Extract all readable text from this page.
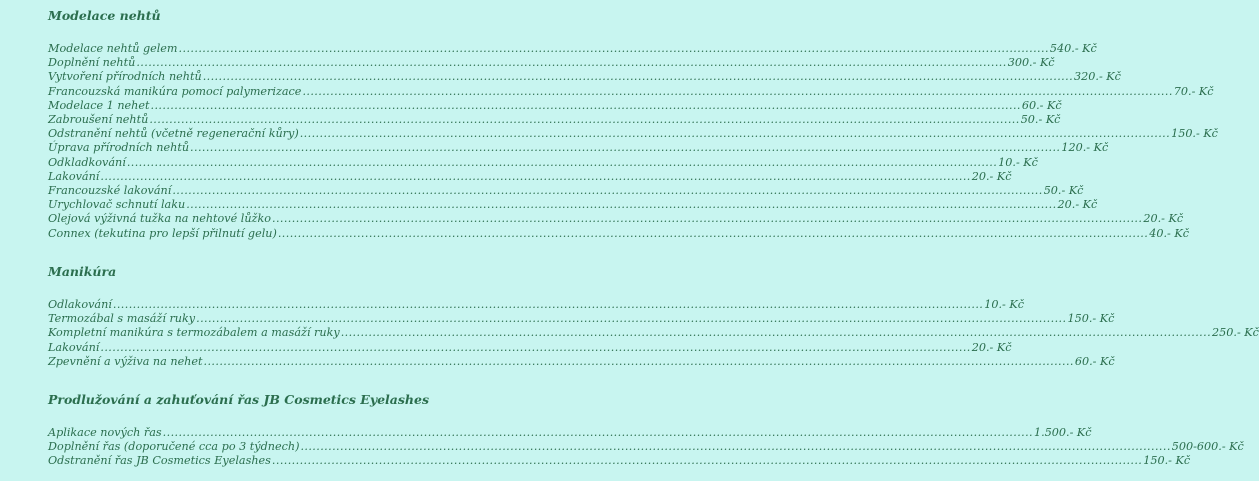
Modelace nehtů
Modelace nehtů gelem ............................................................................................................................................................................................................................ 540.- Kč
Doplnění nehtů ............................................................................................................................................................................................................................ 300.- Kč
Vytvoření přírodních nehtů ............................................................................................................................................................................................................................ 320.- Kč
Francouzská manikúra pomocí palymerizace ............................................................................................................................................................................................................................ 70.- Kč
Modelace 1 nehet ............................................................................................................................................................................................................................ 60.- Kč
Zabroušení nehtů ............................................................................................................................................................................................................................ 50.- Kč
Odstranění nehtů (včetně regenerační kůry) ............................................................................................................................................................................................................................ 150.- Kč
Úprava přírodních nehtů ............................................................................................................................................................................................................................ 120.- Kč
Odkladkování ............................................................................................................................................................................................................................ 10.- Kč
Lakování ............................................................................................................................................................................................................................ 20.- Kč
Francouzské lakování ............................................................................................................................................................................................................................ 50.- Kč
Urychlovač schnutí laku ............................................................................................................................................................................................................................ 20.- Kč
Olejová výživná tužka na nehtové lůžko ............................................................................................................................................................................................................................ 20.- Kč
Connex (tekutina pro lepší přilnutí gelu) ............................................................................................................................................................................................................................ 40.- Kč
Manikúra
Odlakování ............................................................................................................................................................................................................................ 10.- Kč
Termozábal s masáží ruky ............................................................................................................................................................................................................................ 150.- Kč
Kompletní manikúra s termozábalem a masáží ruky ............................................................................................................................................................................................................................ 250.- Kč
Lakování ............................................................................................................................................................................................................................ 20.- Kč
Zpevnění a výživa na nehet ............................................................................................................................................................................................................................ 60.- Kč
Prodlužování a zahuťování řas JB Cosmetics Eyelashes
Aplikace nových řas ............................................................................................................................................................................................................................ 1.500.- Kč
Doplnění řas (doporučené cca po 3 týdnech) ............................................................................................................................................................................................................................ 500-600.- Kč
Odstranění řas JB Cosmetics Eyelashes ............................................................................................................................................................................................................................ 150.- Kč
